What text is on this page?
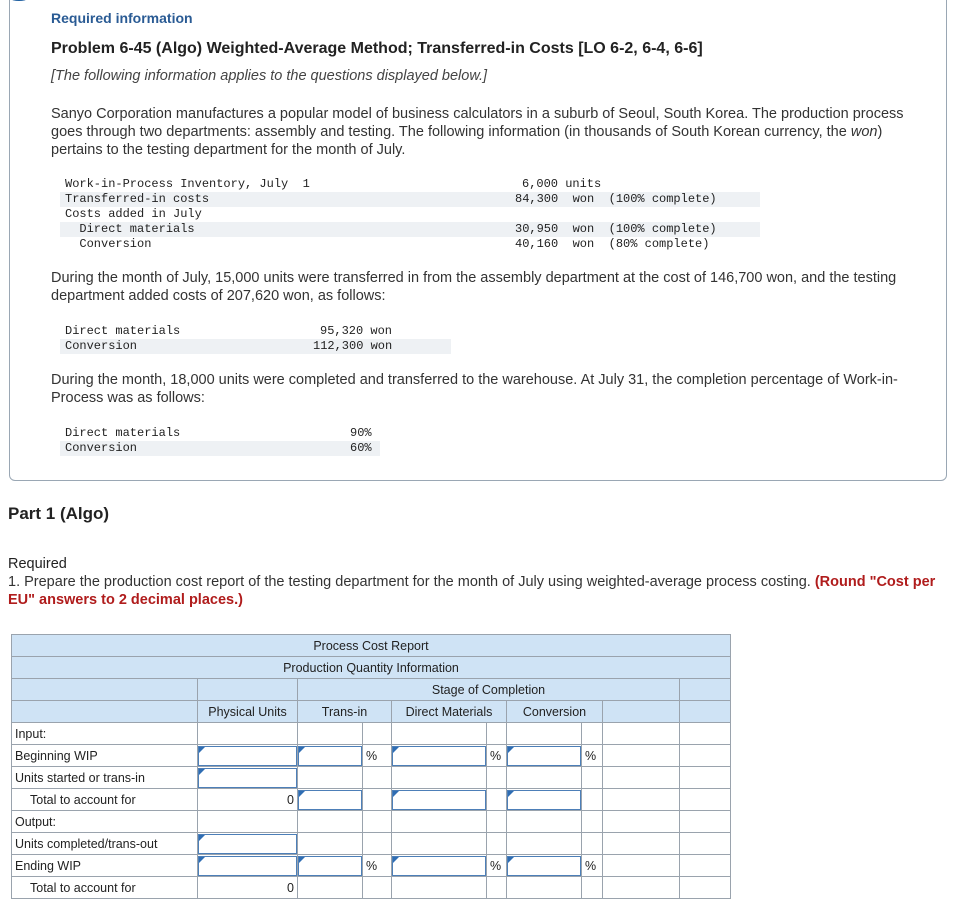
Required information
Problem 6-45 (Algo) Weighted-Average Method; Transferred-in Costs [LO 6-2, 6-4, 6-6]
[The following information applies to the questions displayed below.]
Sanyo Corporation manufactures a popular model of business calculators in a suburb of Seoul, South Korea. The production process goes through two departments: assembly and testing. The following information (in thousands of South Korean currency, the won) pertains to the testing department for the month of July.
Work-in-Process Inventory, July  1	6,000 units
Transferred-in costs	84,300  won  (100% complete)
Costs added in July
Direct materials	30,950  won  (100% complete)
Conversion	40,160  won  (80% complete)
During the month of July, 15,000 units were transferred in from the assembly department at the cost of 146,700 won, and the testing department added costs of 207,620 won, as follows:
Direct materials	95,320 won
Conversion	112,300 won
During the month, 18,000 units were completed and transferred to the warehouse. At July 31, the completion percentage of Work-in-Process was as follows:
Direct materials	90%
Conversion	60%
Part 1 (Algo)
Required
1. Prepare the production cost report of the testing department for the month of July using weighted-average process costing. (Round "Cost per EU" answers to 2 decimal places.)
Process Cost Report									
Production Quantity Information									
		Stage of Completion							
	Physical Units	Trans-in		Direct Materials		Conversion			
Input:									
Beginning WIP			%		%		%		
Units started or trans-in	

Total to account for	0	

Output:									
Units completed/trans-out	

Ending WIP			%		%		%		
Total to account for	0								
